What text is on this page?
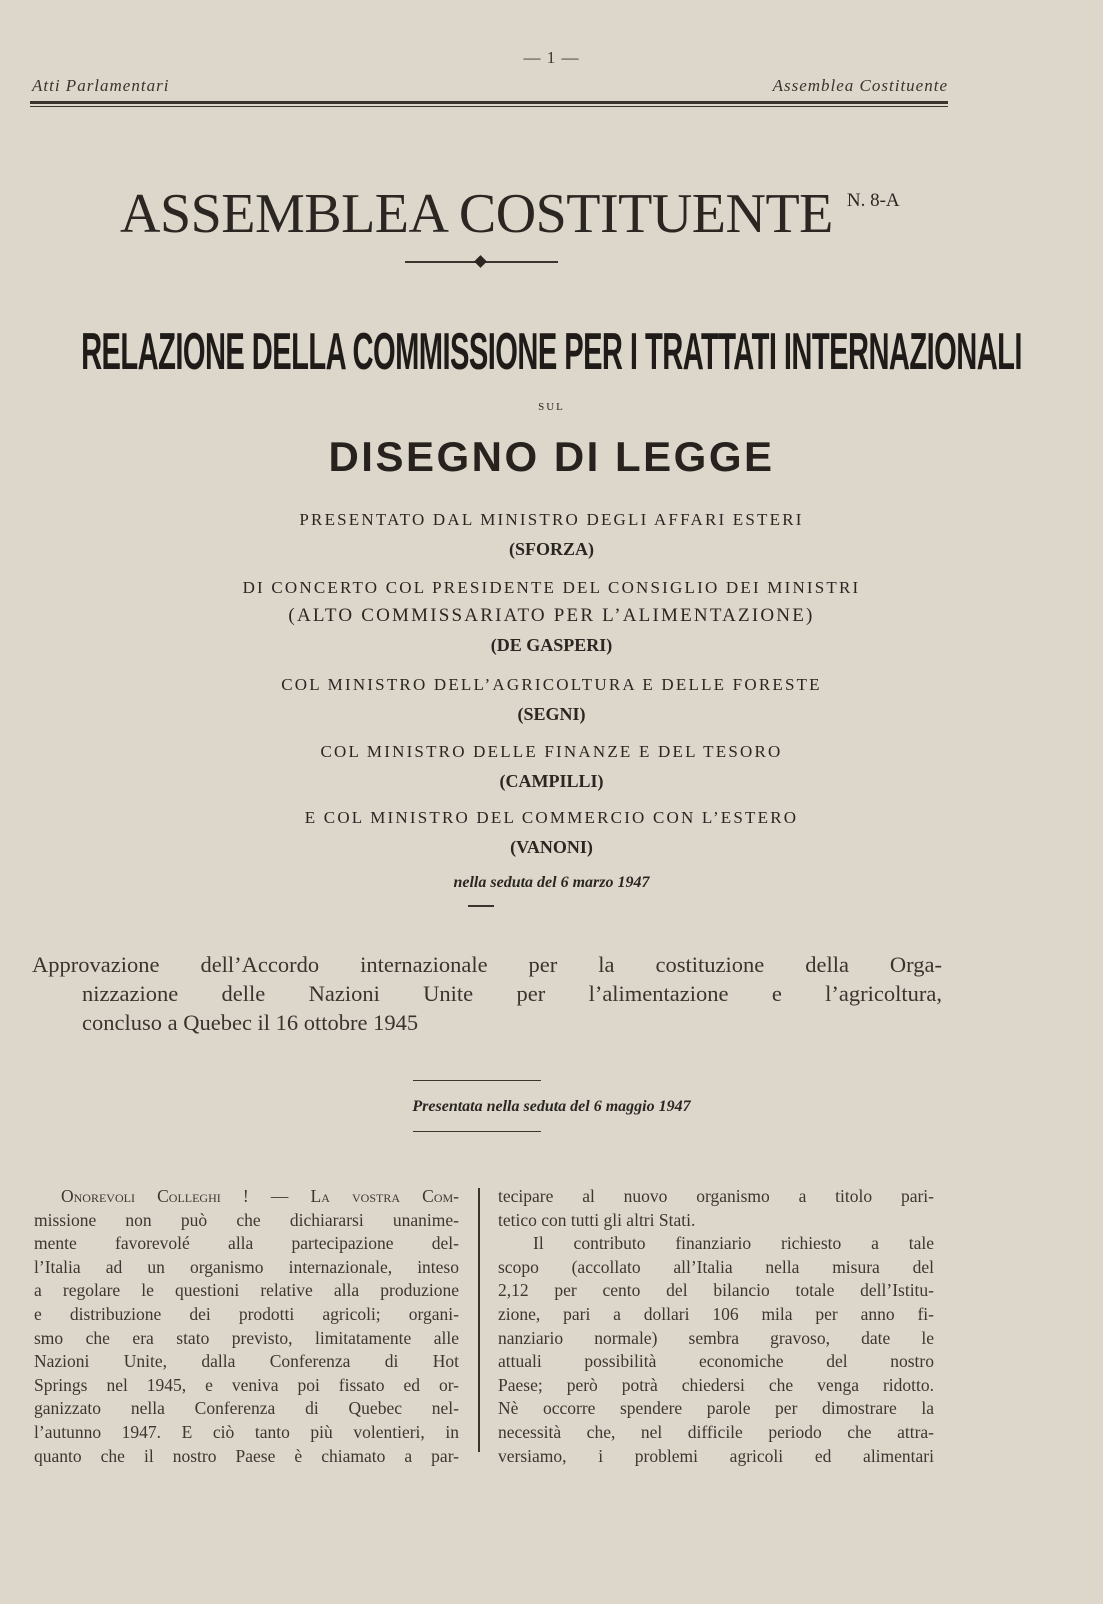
— 1 —
Atti Parlamentari	Assemblea Costituente
ASSEMBLEA COSTITUENTE N. 8-A
RELAZIONE DELLA COMMISSIONE PER I TRATTATI INTERNAZIONALI
SUL
DISEGNO DI LEGGE
PRESENTATO DAL MINISTRO DEGLI AFFARI ESTERI
(SFORZA)
DI CONCERTO COL PRESIDENTE DEL CONSIGLIO DEI MINISTRI
(ALTO COMMISSARIATO PER L’ALIMENTAZIONE)
(DE GASPERI)
COL MINISTRO DELL’AGRICOLTURA E DELLE FORESTE
(SEGNI)
COL MINISTRO DELLE FINANZE E DEL TESORO
(CAMPILLI)
E COL MINISTRO DEL COMMERCIO CON L’ESTERO
(VANONI)
nella seduta del 6 marzo 1947
Approvazione dell’Accordo internazionale per la costituzione della Orga-
nizzazione delle Nazioni Unite per l’alimentazione e l’agricoltura,
concluso a Quebec il 16 ottobre 1945
Presentata nella seduta del 6 maggio 1947
Onorevoli Colleghi ! — La vostra Com-
missione non può che dichiararsi unanime-
mente favorevolé alla partecipazione del-
l’Italia ad un organismo internazionale, inteso
a regolare le questioni relative alla produzione
e distribuzione dei prodotti agricoli; organi-
smo che era stato previsto, limitatamente alle
Nazioni Unite, dalla Conferenza di Hot
Springs nel 1945, e veniva poi fissato ed or-
ganizzato nella Conferenza di Quebec nel-
l’autunno 1947. E ciò tanto più volentieri, in
quanto che il nostro Paese è chiamato a par-
tecipare al nuovo organismo a titolo pari-
tetico con tutti gli altri Stati.
Il contributo finanziario richiesto a tale
scopo (accollato all’Italia nella misura del
2,12 per cento del bilancio totale dell’Istitu-
zione, pari a dollari 106 mila per anno fi-
nanziario normale) sembra gravoso, date le
attuali possibilità economiche del nostro
Paese; però potrà chiedersi che venga ridotto.
Nè occorre spendere parole per dimostrare la
necessità che, nel difficile periodo che attra-
versiamo, i problemi agricoli ed alimentari
